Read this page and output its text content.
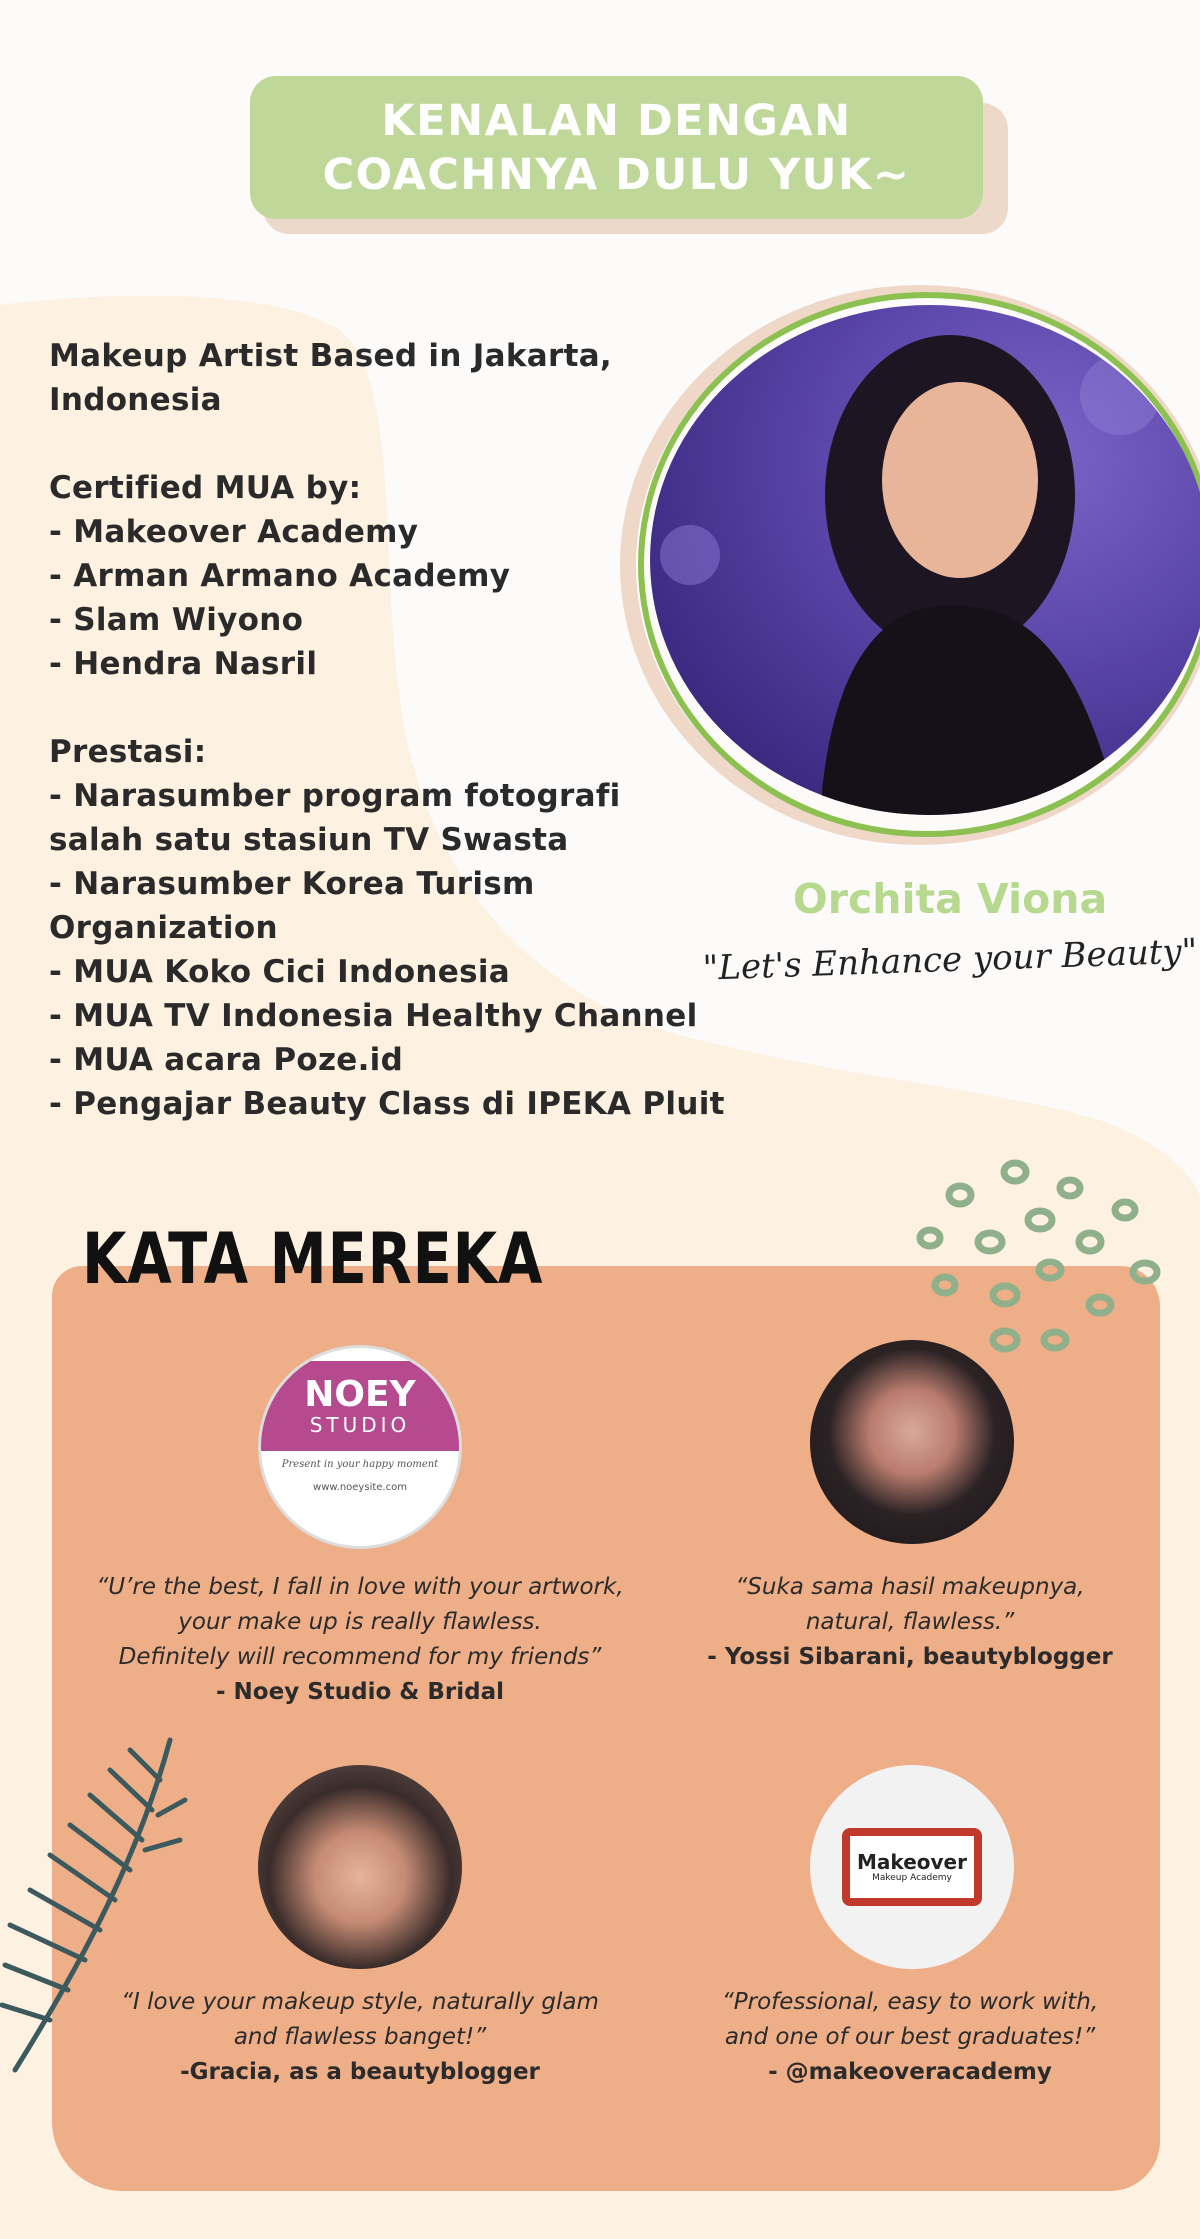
KENALAN DENGAN
COACHNYA DULU YUK~
Makeup Artist Based in Jakarta,
Indonesia
Certified MUA by:
- Makeover Academy
- Arman Armano Academy
- Slam Wiyono
- Hendra Nasril
Prestasi:
- Narasumber program fotografi
salah satu stasiun TV Swasta
- Narasumber Korea Turism
Organization
- MUA Koko Cici Indonesia
- MUA TV Indonesia Healthy Channel
- MUA acara Poze.id
- Pengajar Beauty Class di IPEKA Pluit
Orchita Viona
"Let's Enhance your Beauty"
KATA MEREKA
NOEY
STUDIO
Present in your happy moment
www.noeysite.com
Makeover
Makeup Academy
“U’re the best, I fall in love with your artwork,
your make up is really flawless.
Definitely will recommend for my friends”
- Noey Studio & Bridal
“Suka sama hasil makeupnya,
natural, flawless.”
- Yossi Sibarani, beautyblogger
“I love your makeup style, naturally glam
and flawless banget!”
-Gracia, as a beautyblogger
“Professional, easy to work with,
and one of our best graduates!”
- @makeoveracademy
